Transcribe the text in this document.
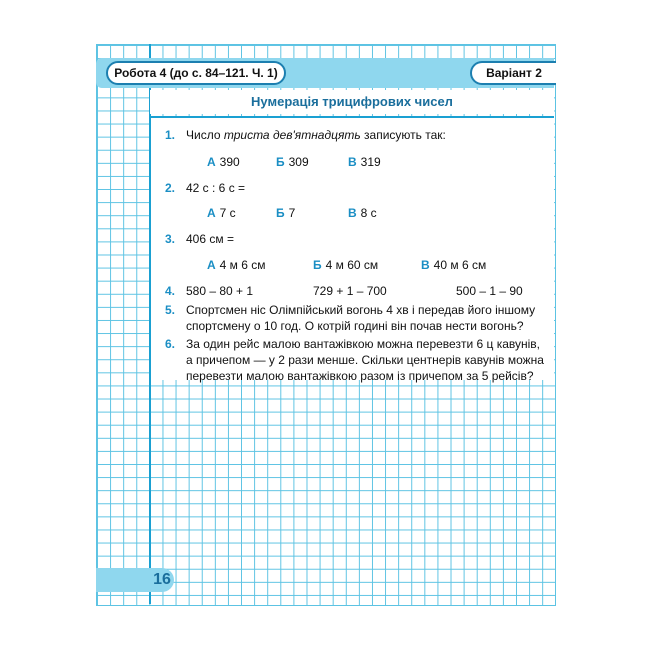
Робота 4 (до с. 84–121. Ч. 1)	Варіант 2
Нумерація трицифрових чисел
1. Число триста дев'ятнадцять записують так:
А 390	Б 309	В 319
2. 42 с : 6 с =
А 7 с	Б 7	В 8 с
3. 406 см =
А 4 м 6 см	Б 4 м 60 см	В 40 м 6 см
4. 580 – 80 + 1	729 + 1 – 700	500 – 1 – 90
5. Спортсмен ніс Олімпійський вогонь 4 хв і передав його іншому
спортсмену о 10 год. О котрій годині він почав нести вогонь?
6. За один рейс малою вантажівкою можна перевезти 6 ц кавунів,
а причепом — у 2 рази менше. Скільки центнерів кавунів можна
перевезти малою вантажівкою разом із причепом за 5 рейсів?
16
